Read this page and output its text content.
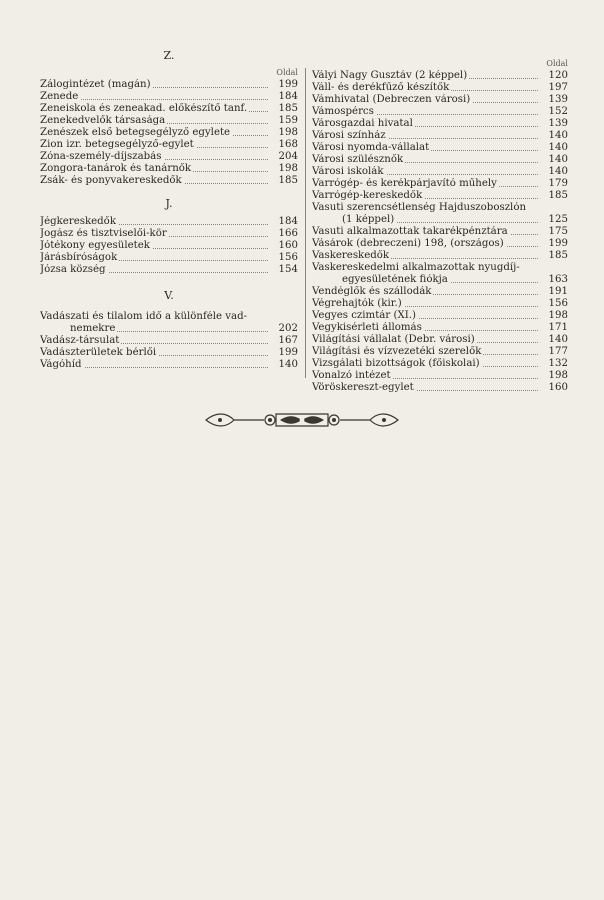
Z.
Oldal
Zálogintézet (magán)	199
Zenede	184
Zeneiskola és zeneakad. előkészítő tanf.	185
Zenekedvelők társasága	159
Zenészek első betegsegélyző egylete	198
Zion izr. betegsegélyző-egylet	168
Zóna-személy-díjszabás	204
Zongora-tanárok és tanárnők	198
Zsák- és ponyvakereskedők	185
J.
Jégkereskedők	184
Jogász és tisztviselői-kör	166
Jótékony egyesületek	160
Járásbíróságok	156
Józsa község	154
V.
Vadászati és tilalom idő a különféle vad-
nemekre	202
Vadász-társulat	167
Vadászterületek bérlői	199
Vágóhíd	140
Oldal
Vályi Nagy Gusztáv (2 képpel)	120
Váll- és derékfűző készítők	197
Vámhivatal (Debreczen városi)	139
Vámospércs	152
Városgazdai hivatal	139
Városi színház	140
Városi nyomda-vállalat	140
Városi szülésznők	140
Városi iskolák	140
Varrógép- és kerékpárjavító műhely	179
Varrógép-kereskedők	185
Vasuti szerencsétlenség Hajduszoboszlón
(1 képpel)	125
Vasuti alkalmazottak takarékpénztára	175
Vásárok (debreczeni) 198, (országos)	199
Vaskereskedők	185
Vaskereskedelmi alkalmazottak nyugdíj-
egyesületének fiókja	163
Vendéglők és szállodák	191
Végrehajtók (kir.)	156
Vegyes czimtár (XI.)	198
Vegykisérleti állomás	171
Világítási vállalat (Debr. városi)	140
Világítási és vízvezetéki szerelők	177
Vizsgálati bizottságok (főiskolai)	132
Vonalzó intézet	198
Vöröskereszt-egylet	160
